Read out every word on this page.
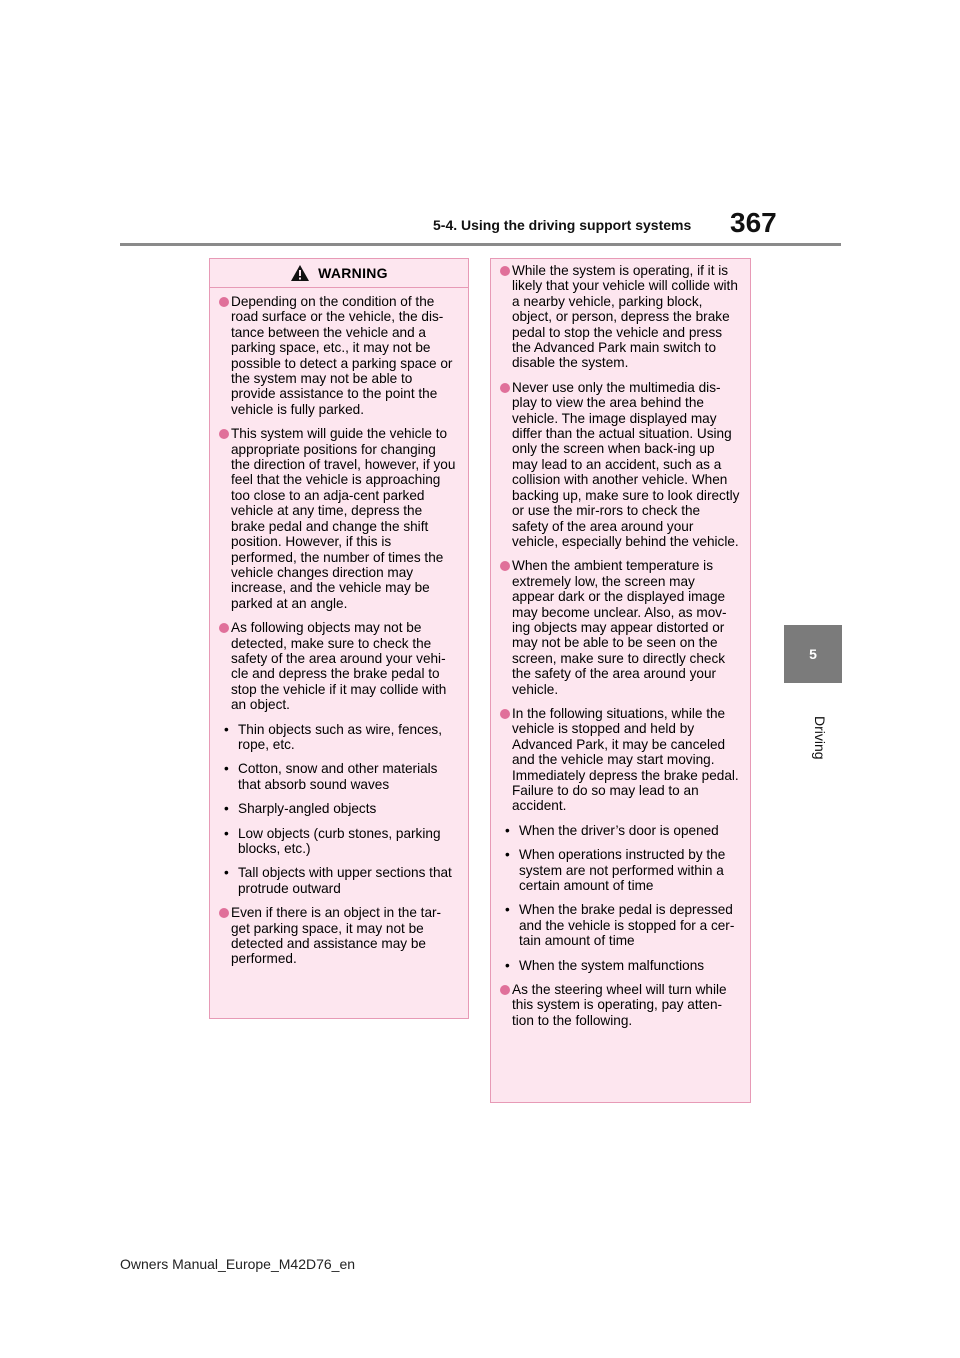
5-4. Using the driving support systems 367
5
Driving
WARNING
Depending on the condition of the road surface or the vehicle, the dis-tance between the vehicle and a parking space, etc., it may not be possible to detect a parking space or the system may not be able to provide assistance to the point the vehicle is fully parked.
This system will guide the vehicle to appropriate positions for changing the direction of travel, however, if you feel that the vehicle is approaching too close to an adja-cent parked vehicle at any time, depress the brake pedal and change the shift position. However, if this is performed, the number of times the vehicle changes direction may increase, and the vehicle may be parked at an angle.
As following objects may not be detected, make sure to check the safety of the area around your vehi-cle and depress the brake pedal to stop the vehicle if it may collide with an object.
• Thin objects such as wire, fences, rope, etc.
• Cotton, snow and other materials that absorb sound waves
• Sharply-angled objects
• Low objects (curb stones, parking blocks, etc.)
• Tall objects with upper sections that protrude outward
Even if there is an object in the tar-get parking space, it may not be detected and assistance may be performed.
While the system is operating, if it is likely that your vehicle will collide with a nearby vehicle, parking block, object, or person, depress the brake pedal to stop the vehicle and press the Advanced Park main switch to disable the system.
Never use only the multimedia dis-play to view the area behind the vehicle. The image displayed may differ than the actual situation. Using only the screen when back-ing up may lead to an accident, such as a collision with another vehicle. When backing up, make sure to look directly or use the mir-rors to check the safety of the area around your vehicle, especially behind the vehicle.
When the ambient temperature is extremely low, the screen may appear dark or the displayed image may become unclear. Also, as mov-ing objects may appear distorted or may not be able to be seen on the screen, make sure to directly check the safety of the area around your vehicle.
In the following situations, while the vehicle is stopped and held by Advanced Park, it may be canceled and the vehicle may start moving. Immediately depress the brake pedal. Failure to do so may lead to an accident.
• When the driver’s door is opened
• When operations instructed by the system are not performed within a certain amount of time
• When the brake pedal is depressed and the vehicle is stopped for a cer-tain amount of time
• When the system malfunctions
As the steering wheel will turn while this system is operating, pay atten-tion to the following.
Owners Manual_Europe_M42D76_en
